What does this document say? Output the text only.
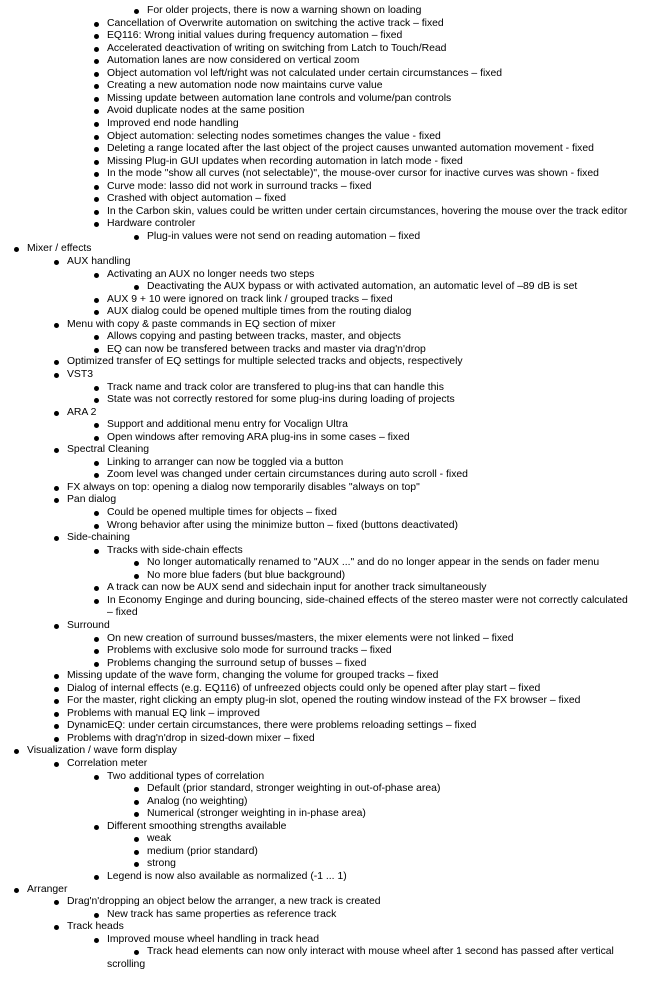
For older projects, there is now a warning shown on loading
Cancellation of Overwrite automation on switching the active track – fixed
EQ116: Wrong initial values during frequency automation – fixed
Accelerated deactivation of writing on switching from Latch to Touch/Read
Automation lanes are now considered on vertical zoom
Object automation vol left/right was not calculated under certain circumstances – fixed
Creating a new automation node now maintains curve value
Missing update between automation lane controls and volume/pan controls
Avoid duplicate nodes at the same position
Improved end node handling
Object automation: selecting nodes sometimes changes the value - fixed
Deleting a range located after the last object of the project causes unwanted automation movement - fixed
Missing Plug-in GUI updates when recording automation in latch mode - fixed
In the mode "show all curves (not selectable)", the mouse-over cursor for inactive curves was shown - fixed
Curve mode: lasso did not work in surround tracks – fixed
Crashed with object automation – fixed
In the Carbon skin, values could be written under certain circumstances, hovering the mouse over the track editor
Hardware controler
Plug-in values were not send on reading automation – fixed
Mixer / effects
AUX handling
Activating an AUX no longer needs two steps
Deactivating the AUX bypass or with activated automation, an automatic level of –89 dB is set
AUX 9 + 10 were ignored on track link / grouped tracks – fixed
AUX dialog could be opened multiple times from the routing dialog
Menu with copy & paste commands in EQ section of mixer
Allows copying and pasting between tracks, master, and objects
EQ can now be transfered between tracks and master via drag'n'drop
Optimized transfer of EQ settings for multiple selected tracks and objects, respectively
VST3
Track name and track color are transfered to plug-ins that can handle this
State was not correctly restored for some plug-ins during loading of projects
ARA 2
Support and additional menu entry for Vocalign Ultra
Open windows after removing ARA plug-ins in some cases – fixed
Spectral Cleaning
Linking to arranger can now be toggled via a button
Zoom level was changed under certain circumstances during auto scroll - fixed
FX always on top: opening a dialog now temporarily disables "always on top"
Pan dialog
Could be opened multiple times for objects – fixed
Wrong behavior after using the minimize button – fixed (buttons deactivated)
Side-chaining
Tracks with side-chain effects
No longer automatically renamed to "AUX ..." and do no longer appear in the sends on fader menu
No more blue faders (but blue background)
A track can now be AUX send and sidechain input for another track simultaneously
In Economy Enginge and during bouncing, side-chained effects of the stereo master were not correctly calculated
– fixed
Surround
On new creation of surround busses/masters, the mixer elements were not linked – fixed
Problems with exclusive solo mode for surround tracks – fixed
Problems changing the surround setup of busses – fixed
Missing update of the wave form, changing the volume for grouped tracks – fixed
Dialog of internal effects (e.g. EQ116) of unfreezed objects could only be opened after play start – fixed
For the master, right clicking an empty plug-in slot, opened the routing window instead of the FX browser – fixed
Problems with manual EQ link – improved
DynamicEQ: under certain circumstances, there were problems reloading settings – fixed
Problems with drag'n'drop in sized-down mixer – fixed
Visualization / wave form display
Correlation meter
Two additional types of correlation
Default (prior standard, stronger weighting in out-of-phase area)
Analog (no weighting)
Numerical (stronger weighting in in-phase area)
Different smoothing strengths available
weak
medium (prior standard)
strong
Legend is now also available as normalized (-1 ... 1)
Arranger
Drag'n'dropping an object below the arranger, a new track is created
New track has same properties as reference track
Track heads
Improved mouse wheel handling in track head
Track head elements can now only interact with mouse wheel after 1 second has passed after vertical
scrolling
